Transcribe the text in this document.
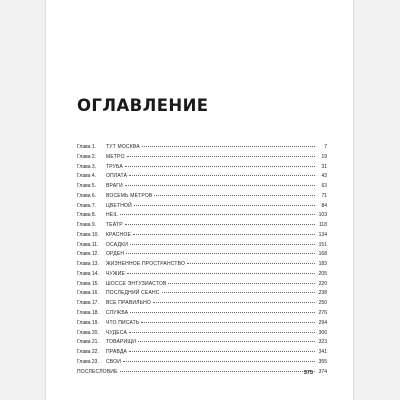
ОГЛАВЛЕНИЕ
Глава 1.	ТУТ МОСКВА	7
Глава 2.	МЕТРО	19
Глава 3.	ТРУБА	31
Глава 4.	ОПЛАТА	43
Глава 5.	ВРАГИ	63
Глава 6.	ВОСЕМЬ МЕТРОВ	71
Глава 7.	ЦВЕТНОЙ	84
Глава 8.	HEIL	103
Глава 9.	ТЕАТР	118
Глава 10.	КРАСНОЕ	134
Глава 11.	ОСАДКИ	151
Глава 12.	ОРДЕН	168
Глава 13.	ЖИЗНЕННОЕ ПРОСТРАНСТВО	183
Глава 14.	ЧУЖИЕ	205
Глава 15.	ШОССЕ ЭНТУЗИАСТОВ	220
Глава 16.	ПОСЛЕДНИЙ СЕАНС	238
Глава 17.	ВСЕ ПРАВИЛЬНО	250
Глава 18.	СЛУЖБА	276
Глава 19.	ЧТО ПИСАТЬ	294
Глава 20.	ЧУДЕСА	306
Глава 21.	ТОВАРИЩИ	323
Глава 22.	ПРАВДА	341
Глава 23.	СВОИ	355
ПОСЛЕСЛОВИЕ	374
375
